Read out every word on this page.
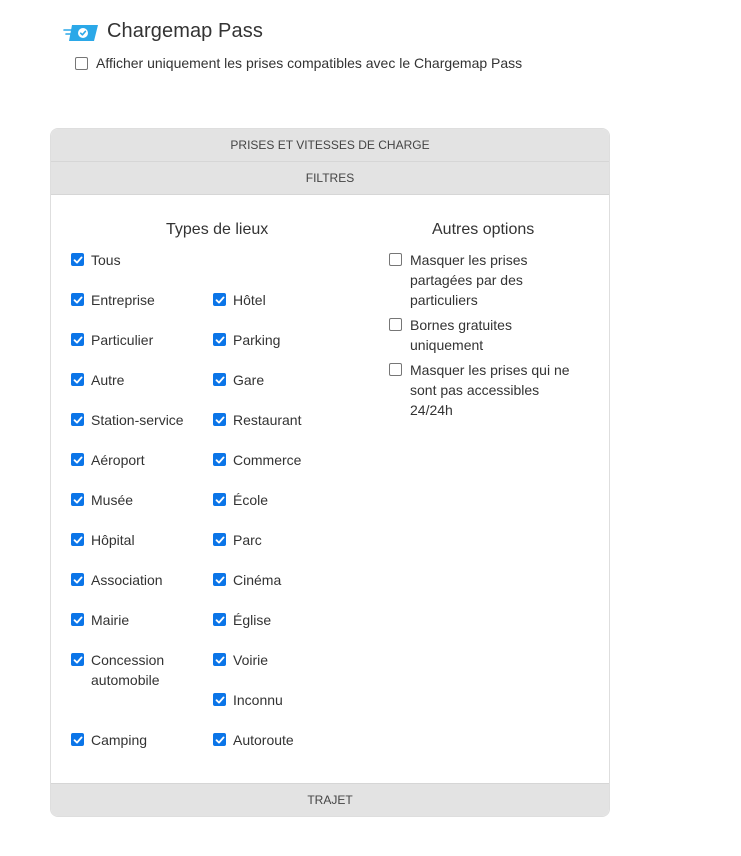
Chargemap Pass
Afficher uniquement les prises compatibles avec le Chargemap Pass
PRISES ET VITESSES DE CHARGE
FILTRES
Types de lieux	Autres options
Tous
Entreprise	Hôtel
Particulier	Parking
Autre	Gare
Station-service	Restaurant
Aéroport	Commerce
Musée	École
Hôpital	Parc
Association	Cinéma
Mairie	Église
Concession automobile
Voirie
Inconnu
Camping	Autoroute
Masquer les prises partagées par des particuliers
Bornes gratuites uniquement
Masquer les prises qui ne sont pas accessibles 24/24h
TRAJET
